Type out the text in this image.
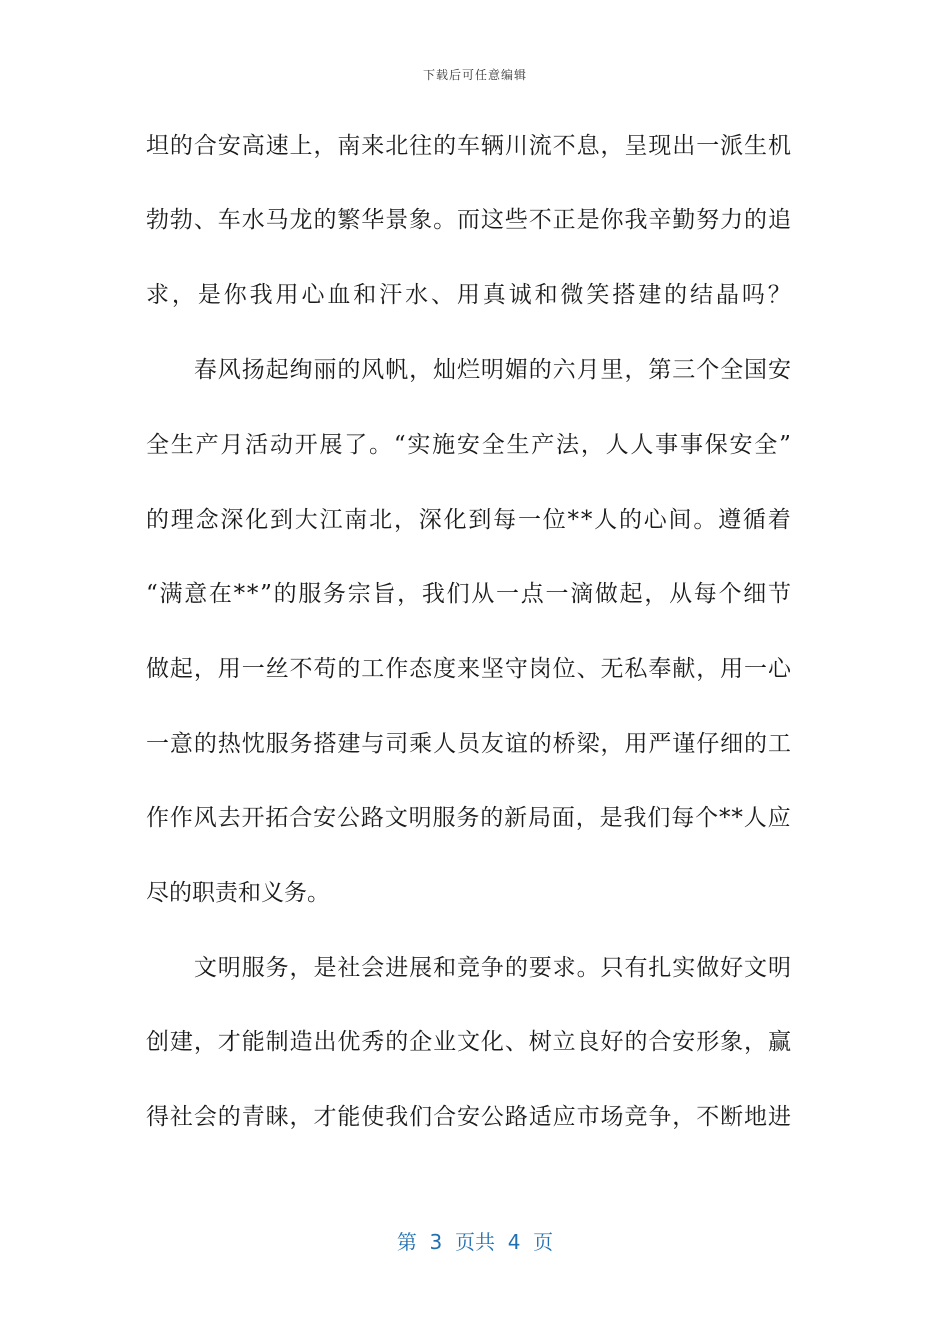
下载后可任意编辑
坦 的 合 安 高 速 上 ， 南 来 北 往 的 车 辆 川 流 不 息 ， 呈 现 出 一 派 生 机
勃 勃 、 车 水 马 龙 的 繁 华 景 象 。 而 这 些 不 正 是 你 我 辛 勤 努 力 的 追
求 ， 是 你 我 用 心 血 和 汗 水 、 用 真 诚 和 微 笑 搭 建 的 结 晶 吗 ？

春 风 扬 起 绚 丽 的 风 帆 ， 灿 烂 明 媚 的 六 月 里 ， 第 三 个 全 国 安
全 生 产 月 活 动 开 展 了 。 “ 实 施 安 全 生 产 法 ， 人 人 事 事 保 安 全 ”
的 理 念 深 化 到 大 江 南 北 ， 深 化 到 每 一 位 * * 人 的 心 间 。 遵 循 着
“ 满 意 在 * * ” 的 服 务 宗 旨 ， 我 们 从 一 点 一 滴 做 起 ， 从 每 个 细 节
做 起 ， 用 一 丝 不 苟 的 工 作 态 度 来 坚 守 岗 位 、 无 私 奉 献 ， 用 一 心
一 意 的 热 忱 服 务 搭 建 与 司 乘 人 员 友 谊 的 桥 梁 ， 用 严 谨 仔 细 的 工
作 作 风 去 开 拓 合 安 公 路 文 明 服 务 的 新 局 面 ， 是 我 们 每 个 * * 人 应
尽的职责和义务。

文 明 服 务 ， 是 社 会 进 展 和 竞 争 的 要 求 。 只 有 扎 实 做 好 文 明
创 建 ， 才 能 制 造 出 优 秀 的 企 业 文 化 、 树 立 良 好 的 合 安 形 象 ， 赢
得 社 会 的 青 睐 ， 才 能 使 我 们 合 安 公 路 适 应 市 场 竞 争 ， 不 断 地 进
第  3  页共  4  页
